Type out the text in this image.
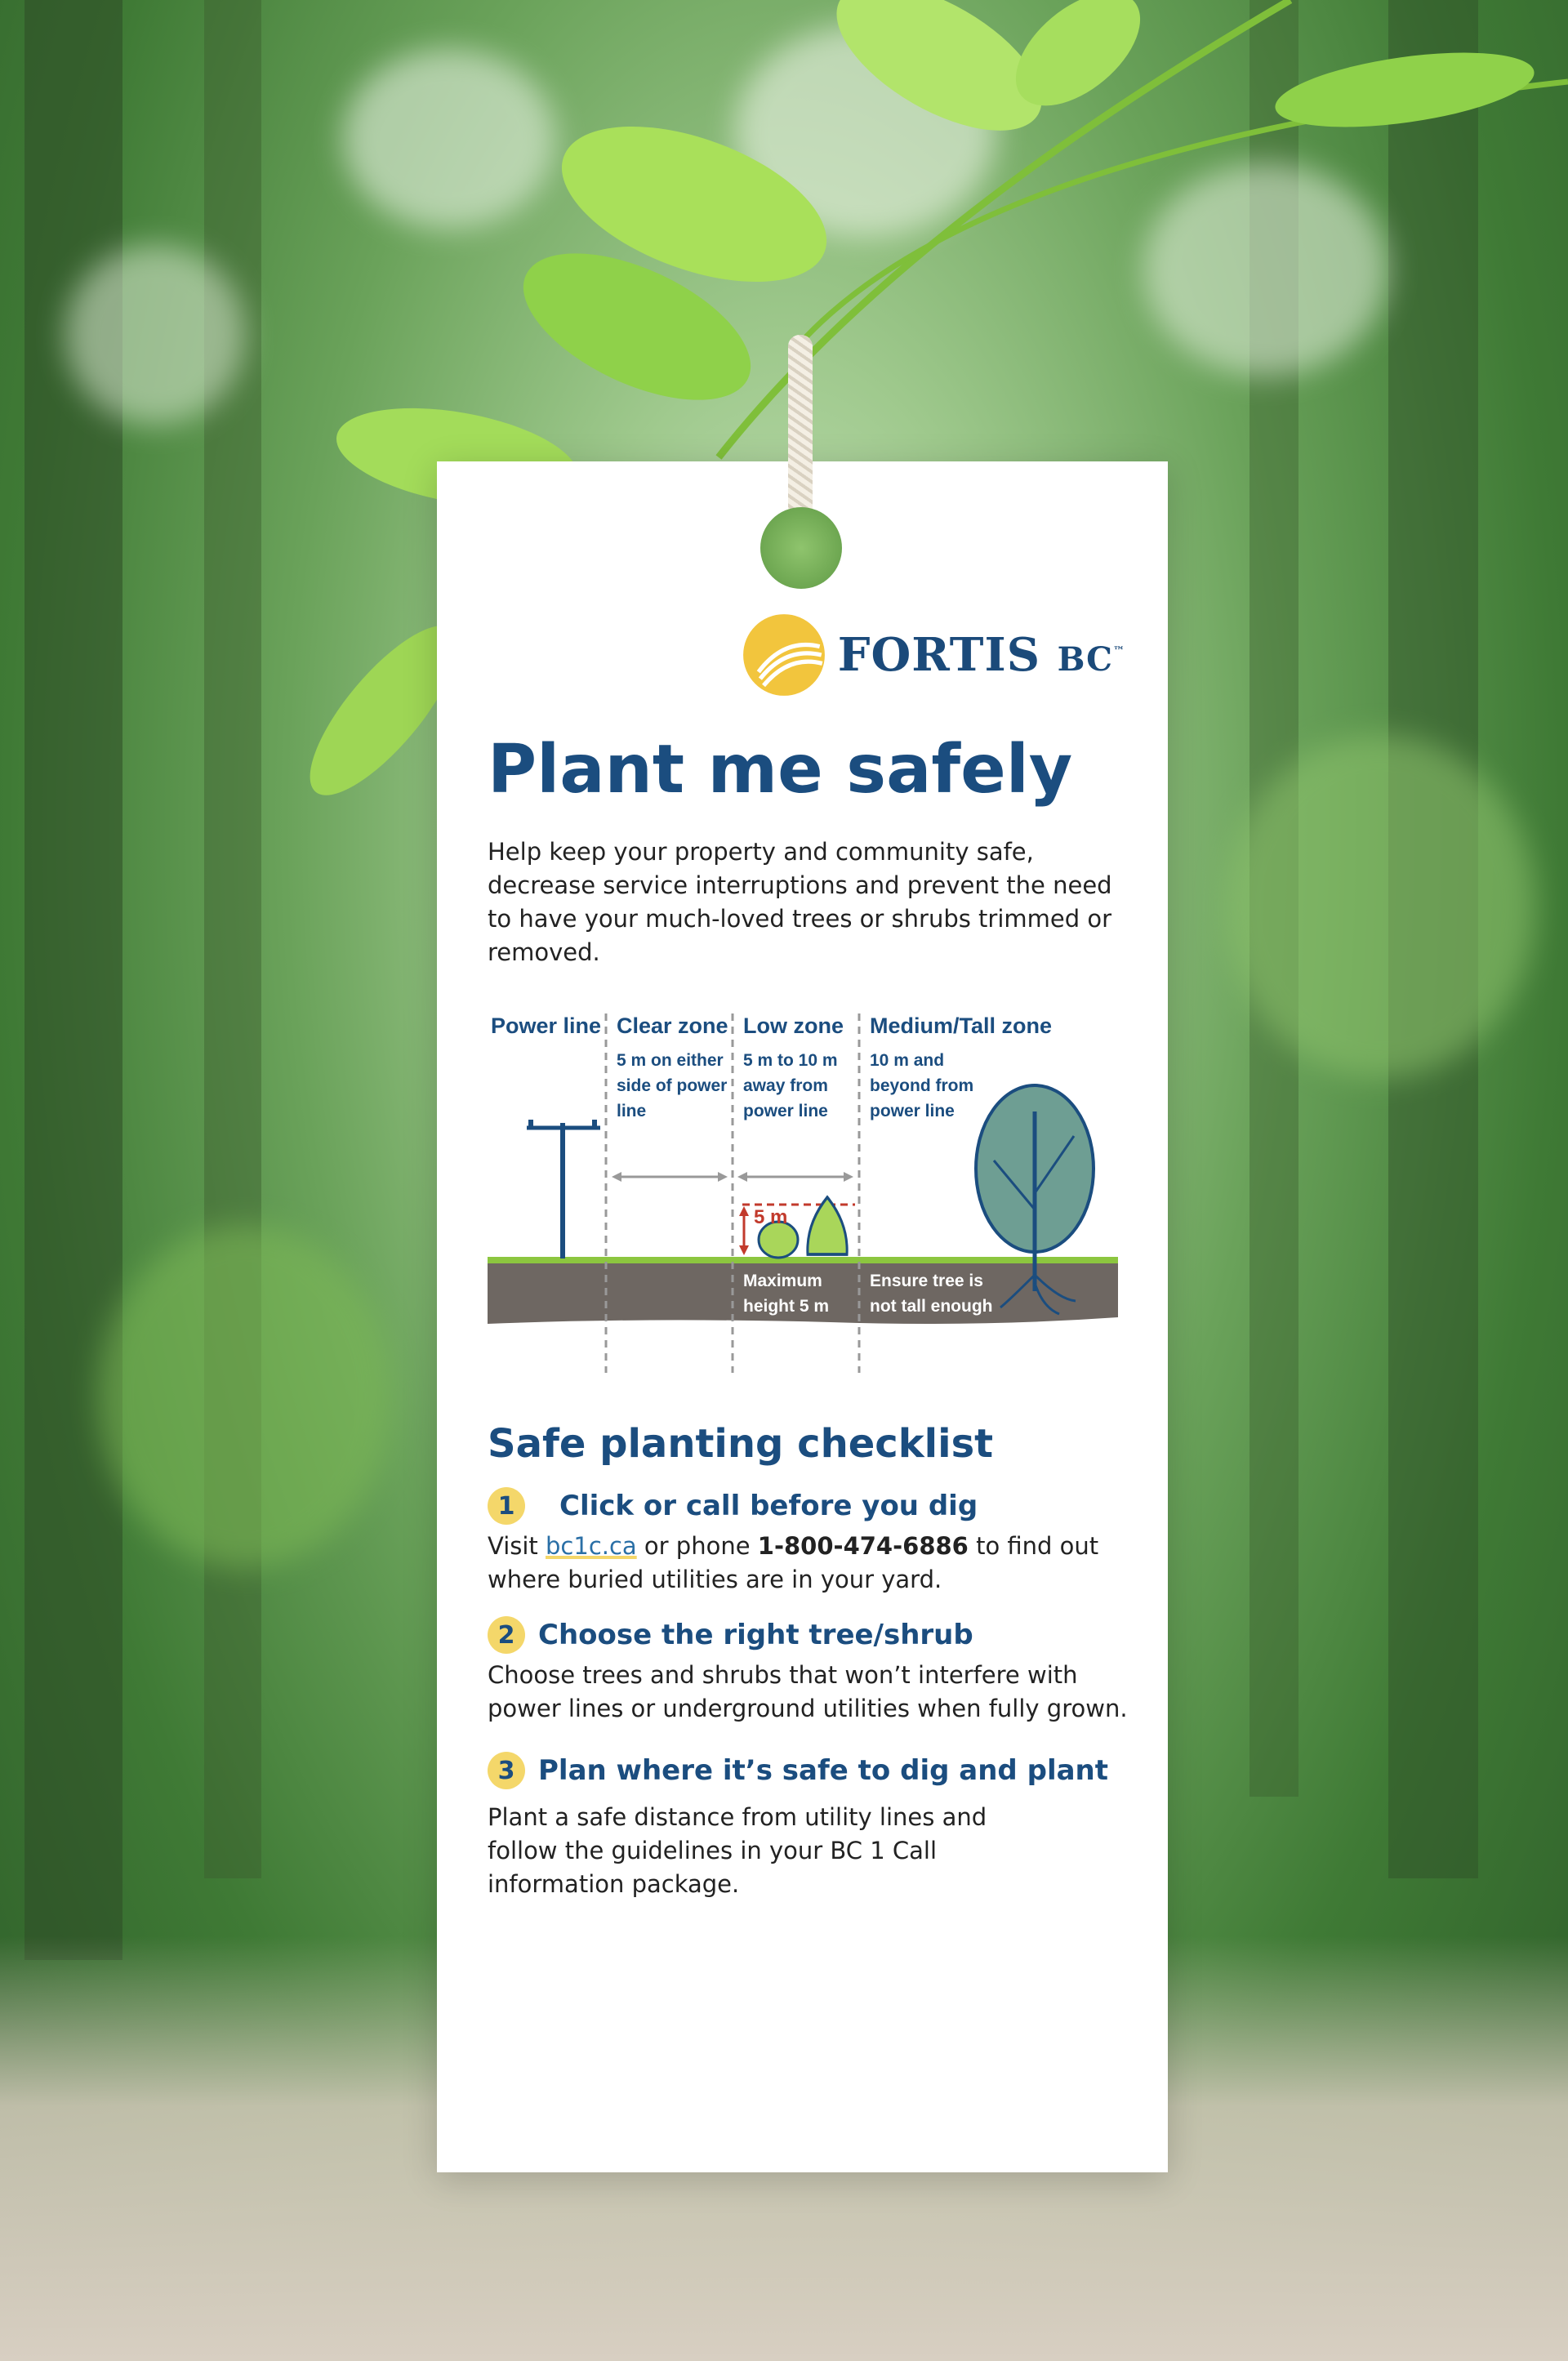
FORTIS BC™
Plant me safely

Help keep your property and community safe, decrease service interruptions and prevent the need to have your much-loved trees or shrubs trimmed or removed.

Power line Clear zone Low zone Medium/Tall zone
5 m on either side of power line
5 m to 10 m away from power line
10 m and beyond from power line
5 m
Maximum height 5 m
Ensure tree is not tall enough to fall on power line
Safe planting checklist
1	Click or call before you dig
Visit bc1c.ca or phone 1-800-474-6886 to find out where buried utilities are in your yard.
2 Choose the right tree/shrub
Choose trees and shrubs that won’t interfere with power lines or underground utilities when fully grown.
3 Plan where it’s safe to dig and plant
Plant a safe distance from utility lines and follow the guidelines in your BC 1 Call information package.
